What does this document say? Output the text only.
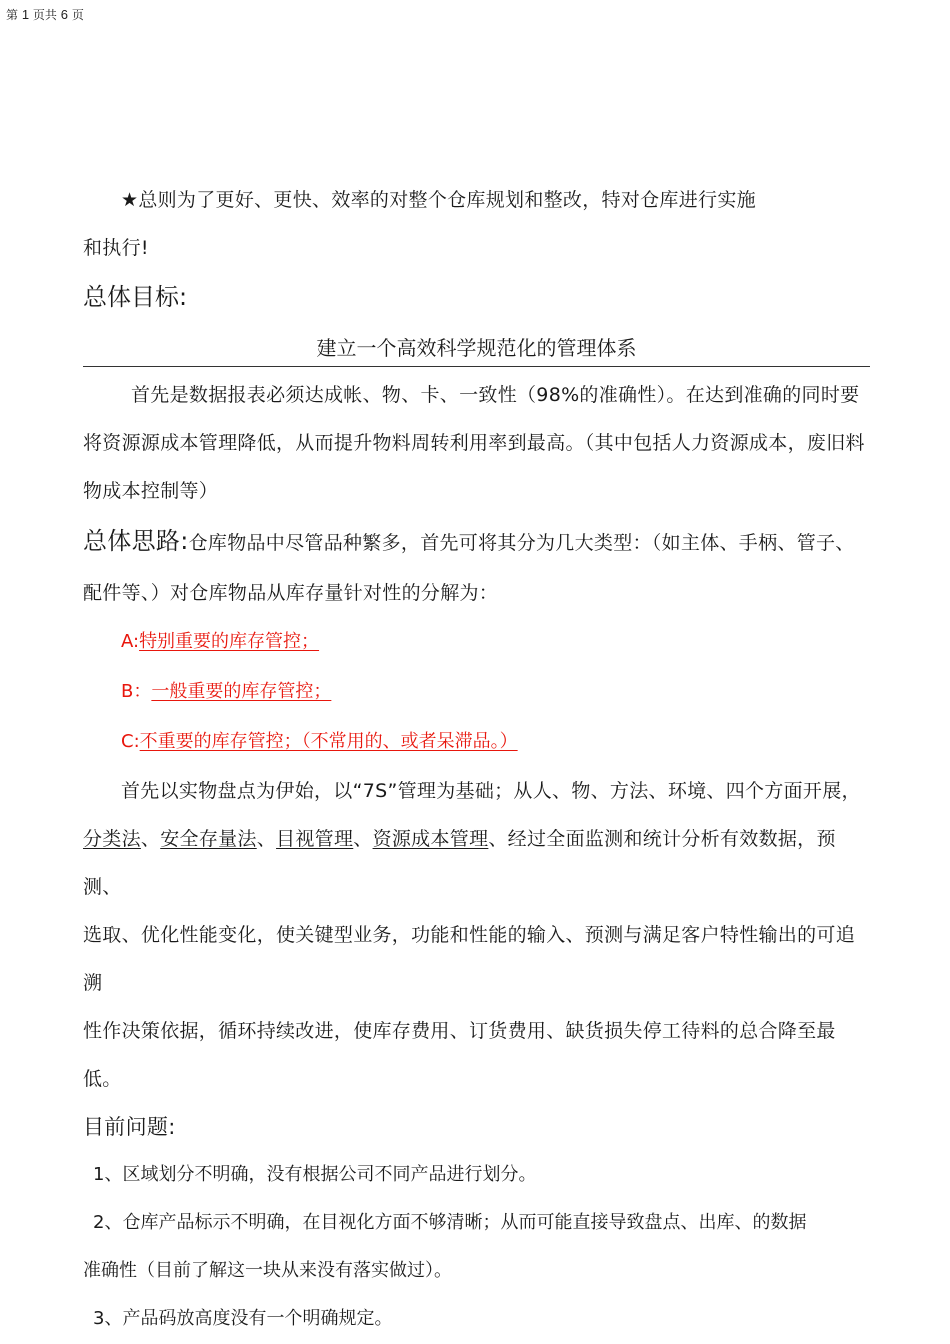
第 1 页共 6 页

★总则为了更好、更快、效率的对整个仓库规划和整改，特对仓库进行实施

和执行!

总体目标:

建立一个高效科学规范化的管理体系

首先是数据报表必须达成帐、物、卡、一致性（98%的准确性）。在达到准确的同时要

将资源源成本管理降低，从而提升物料周转利用率到最高。（其中包括人力资源成本，废旧料

物成本控制等）

总体思路:仓库物品中尽管品种繁多，首先可将其分为几大类型：（如主体、手柄、管子、

配件等、）对仓库物品从库存量针对性的分解为：

A:特别重要的库存管控；

B：一般重要的库存管控；

C:不重要的库存管控；（不常用的、或者呆滞品。）

首先以实物盘点为伊始，以“7S”管理为基础；从人、物、方法、环境、四个方面开展，

分类法、安全存量法、目视管理、资源成本管理、经过全面监测和统计分析有效数据，预测、

选取、优化性能变化，使关键型业务，功能和性能的输入、预测与满足客户特性输出的可追溯

性作决策依据，循环持续改进，使库存费用、订货费用、缺货损失停工待料的总合降至最低。

目前问题:

1、区域划分不明确，没有根据公司不同产品进行划分。

2、仓库产品标示不明确，在目视化方面不够清晰；从而可能直接导致盘点、出库、的数据

准确性（目前了解这一块从来没有落实做过）。

3、产品码放高度没有一个明确规定。
